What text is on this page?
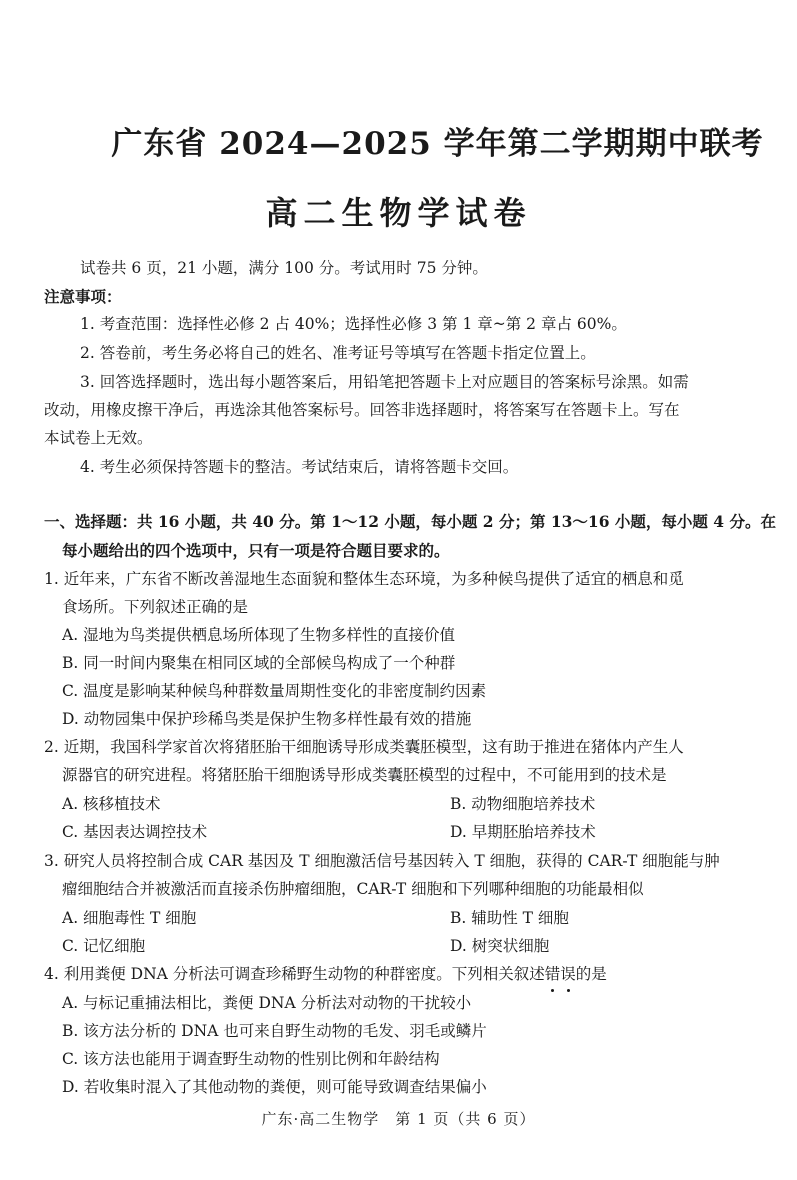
广东省 2024—2025 学年第二学期期中联考
高二生物学试卷
试卷共 6 页，21 小题，满分 100 分。考试用时 75 分钟。
注意事项：
1. 考查范围：选择性必修 2 占 40%；选择性必修 3 第 1 章~第 2 章占 60%。
2. 答卷前，考生务必将自己的姓名、准考证号等填写在答题卡指定位置上。
3. 回答选择题时，选出每小题答案后，用铅笔把答题卡上对应题目的答案标号涂黑。如需
改动，用橡皮擦干净后，再选涂其他答案标号。回答非选择题时，将答案写在答题卡上。写在
本试卷上无效。
4. 考生必须保持答题卡的整洁。考试结束后，请将答题卡交回。
一、选择题：共 16 小题，共 40 分。第 1～12 小题，每小题 2 分；第 13～16 小题，每小题 4 分。在
每小题给出的四个选项中，只有一项是符合题目要求的。
1. 近年来，广东省不断改善湿地生态面貌和整体生态环境，为多种候鸟提供了适宜的栖息和觅
食场所。下列叙述正确的是
A. 湿地为鸟类提供栖息场所体现了生物多样性的直接价值
B. 同一时间内聚集在相同区域的全部候鸟构成了一个种群
C. 温度是影响某种候鸟种群数量周期性变化的非密度制约因素
D. 动物园集中保护珍稀鸟类是保护生物多样性最有效的措施
2. 近期，我国科学家首次将猪胚胎干细胞诱导形成类囊胚模型，这有助于推进在猪体内产生人
源器官的研究进程。将猪胚胎干细胞诱导形成类囊胚模型的过程中，不可能用到的技术是
A. 核移植技术	B. 动物细胞培养技术
C. 基因表达调控技术	D. 早期胚胎培养技术
3. 研究人员将控制合成 CAR 基因及 T 细胞激活信号基因转入 T 细胞，获得的 CAR-T 细胞能与肿
瘤细胞结合并被激活而直接杀伤肿瘤细胞，CAR-T 细胞和下列哪种细胞的功能最相似
A. 细胞毒性 T 细胞	B. 辅助性 T 细胞
C. 记忆细胞	D. 树突状细胞
4. 利用粪便 DNA 分析法可调查珍稀野生动物的种群密度。下列相关叙述错误的是
A. 与标记重捕法相比，粪便 DNA 分析法对动物的干扰较小
B. 该方法分析的 DNA 也可来自野生动物的毛发、羽毛或鳞片
C. 该方法也能用于调查野生动物的性别比例和年龄结构
D. 若收集时混入了其他动物的粪便，则可能导致调查结果偏小
广东·高二生物学　第 1 页（共 6 页）
